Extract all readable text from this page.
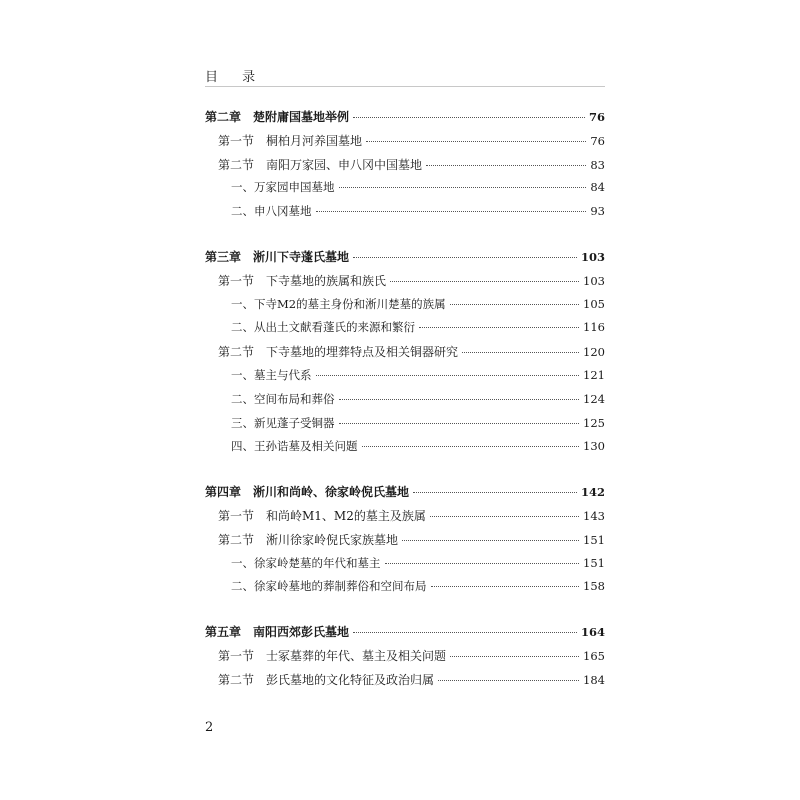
目 录
第二章　楚附庸国墓地举例	76
第一节　桐柏月河养国墓地	76
第二节　南阳万家园、申八冈中国墓地	83
一、万家园申国墓地	84
二、申八冈墓地	93
第三章　淅川下寺蓬氏墓地	103
第一节　下寺墓地的族属和族氏	103
一、下寺M2的墓主身份和淅川楚墓的族属	105
二、从出土文献看蓬氏的来源和繁衍	116
第二节　下寺墓地的埋葬特点及相关铜器研究	120
一、墓主与代系	121
二、空间布局和葬俗	124
三、新见蓬子受铜器	125
四、王孙诰墓及相关问题	130
第四章　淅川和尚岭、徐家岭倪氏墓地	142
第一节　和尚岭M1、M2的墓主及族属	143
第二节　淅川徐家岭倪氏家族墓地	151
一、徐家岭楚墓的年代和墓主	151
二、徐家岭墓地的葬制葬俗和空间布局	158
第五章　南阳西郊彭氏墓地	164
第一节　士冢墓葬的年代、墓主及相关问题	165
第二节　彭氏墓地的文化特征及政治归属	184
2
